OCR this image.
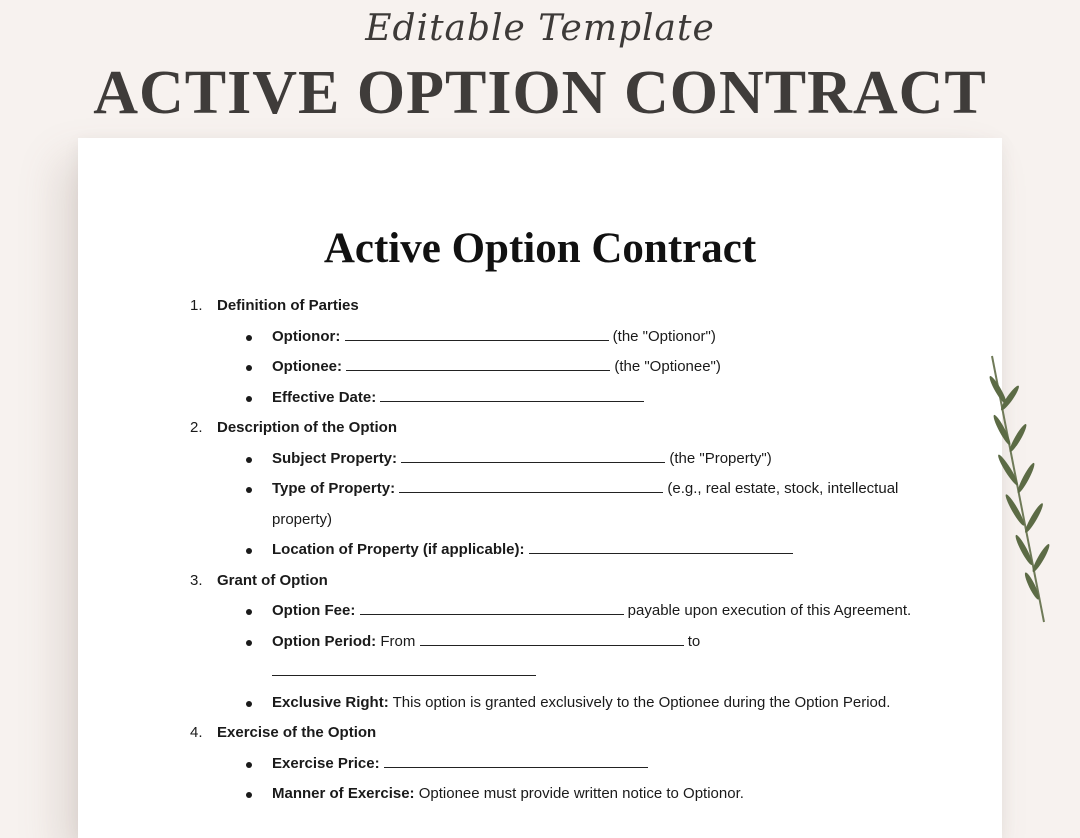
Editable Template
ACTIVE OPTION CONTRACT
Active Option Contract
1. Definition of Parties
Optionor:	(the "Optionor")
Optionee:	(the "Optionee")
Effective Date:
2. Description of the Option
Subject Property:	(the "Property")
Type of Property:	(e.g., real estate, stock, intellectual
property)
Location of Property (if applicable):
3. Grant of Option
Option Fee:	payable upon execution of this Agreement.
Option Period: From	to
Exclusive Right: This option is granted exclusively to the Optionee during the Option Period.
4. Exercise of the Option
Exercise Price:
Manner of Exercise: Optionee must provide written notice to Optionor.
